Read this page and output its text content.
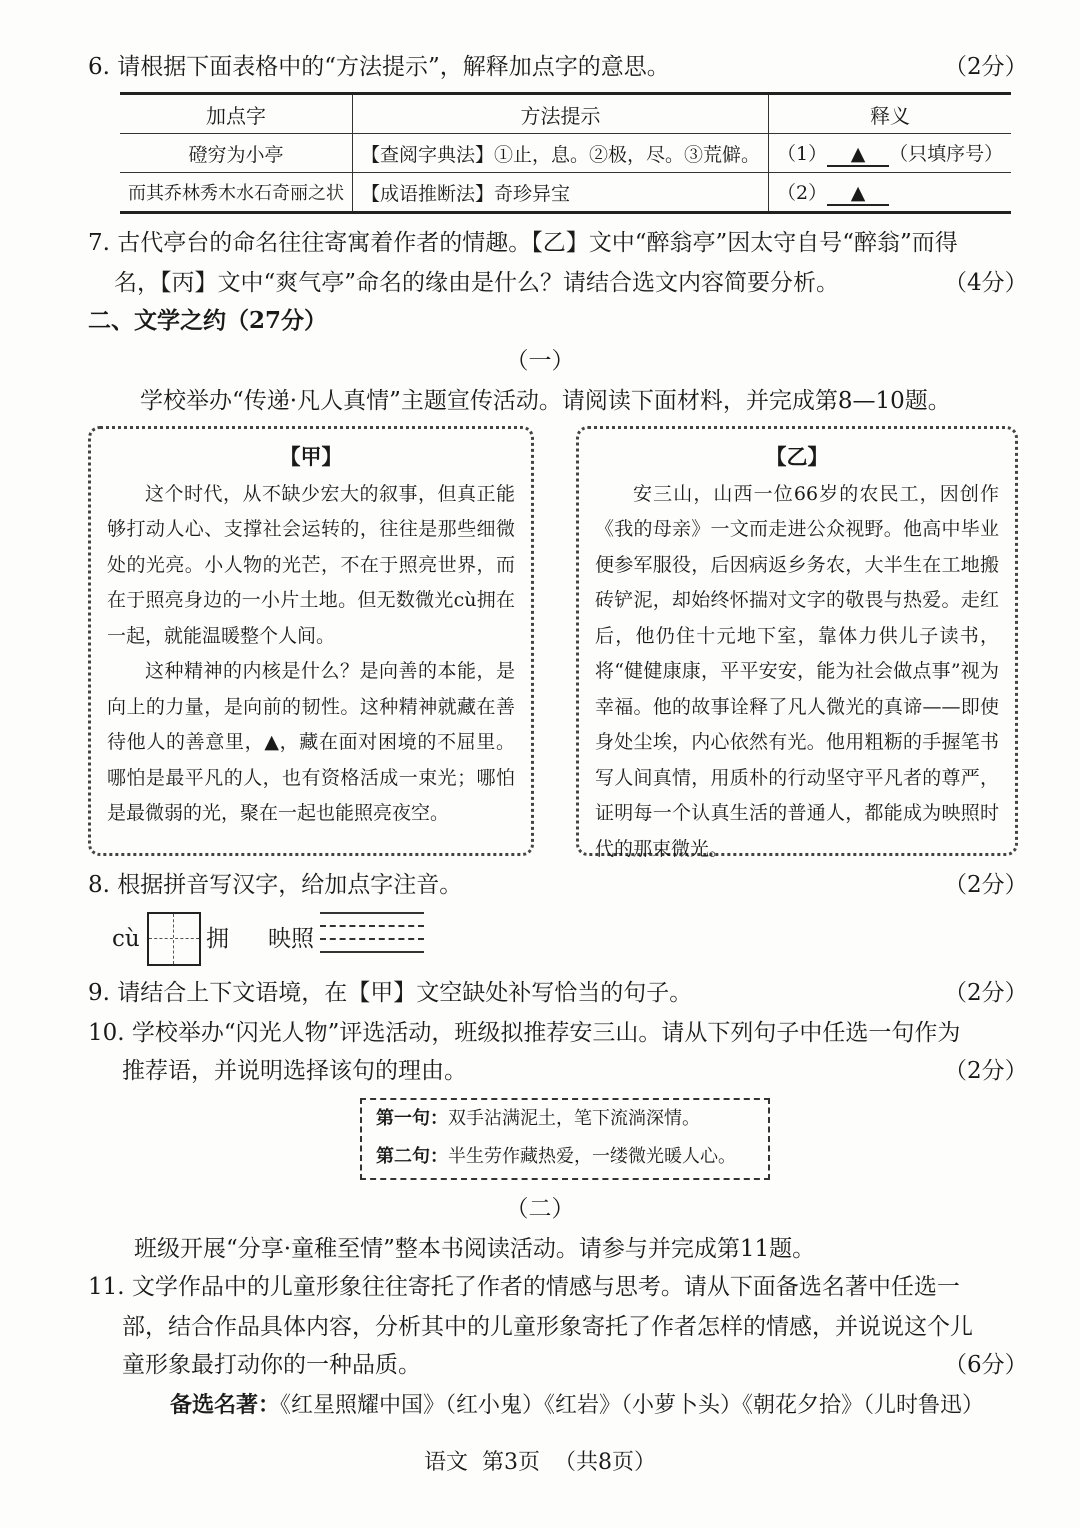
6. 请根据下面表格中的“方法提示”，解释加点字的意思。	（2分）
加点字	方法提示	释义
磴穷为小亭	【查阅字典法】①止，息。②极，尽。③荒僻。	（1） ▲ （只填序号）
而其乔林秀木水石奇丽之状	【成语推断法】奇珍异宝	（2） ▲
7. 古代亭台的命名往往寄寓着作者的情趣。【乙】文中“醉翁亭”因太守自号“醉翁”而得
名，【丙】文中“爽气亭”命名的缘由是什么？请结合选文内容简要分析。	（4分）
二、文学之约（27分）
（一）
学校举办“传递·凡人真情”主题宣传活动。请阅读下面材料，并完成第8—10题。
【甲】

这个时代，从不缺少宏大的叙事，但真正能够打动人心、支撑社会运转的，往往是那些细微处的光亮。小人物的光芒，不在于照亮世界，而在于照亮身边的一小片土地。但无数微光cù拥在一起，就能温暖整个人间。

这种精神的内核是什么？是向善的本能，是向上的力量，是向前的韧性。这种精神就藏在善待他人的善意里，▲，藏在面对困境的不屈里。哪怕是最平凡的人，也有资格活成一束光；哪怕是最微弱的光，聚在一起也能照亮夜空。

【乙】

安三山，山西一位66岁的农民工，因创作《我的母亲》一文而走进公众视野。他高中毕业便参军服役，后因病返乡务农，大半生在工地搬砖铲泥，却始终怀揣对文字的敬畏与热爱。走红后，他仍住十元地下室，靠体力供儿子读书，将“健健康康，平平安安，能为社会做点事”视为幸福。他的故事诠释了凡人微光的真谛——即使身处尘埃，内心依然有光。他用粗粝的手握笔书写人间真情，用质朴的行动坚守平凡者的尊严，证明每一个认真生活的普通人，都能成为映照时代的那束微光。

8. 根据拼音写汉字，给加点字注音。	（2分）
cù	拥 映照
9. 请结合上下文语境，在【甲】文空缺处补写恰当的句子。	（2分）
10. 学校举办“闪光人物”评选活动，班级拟推荐安三山。请从下列句子中任选一句作为
推荐语，并说明选择该句的理由。	（2分）
第一句：双手沾满泥土，笔下流淌深情。
第二句：半生劳作藏热爱，一缕微光暖人心。
（二）
班级开展“分享·童稚至情”整本书阅读活动。请参与并完成第11题。
11. 文学作品中的儿童形象往往寄托了作者的情感与思考。请从下面备选名著中任选一
部，结合作品具体内容，分析其中的儿童形象寄托了作者怎样的情感，并说说这个儿
童形象最打动你的一种品质。	（6分）
备选名著：《红星照耀中国》（红小鬼）《红岩》（小萝卜头）《朝花夕拾》（儿时鲁迅）
语文  第3页  （共8页）
